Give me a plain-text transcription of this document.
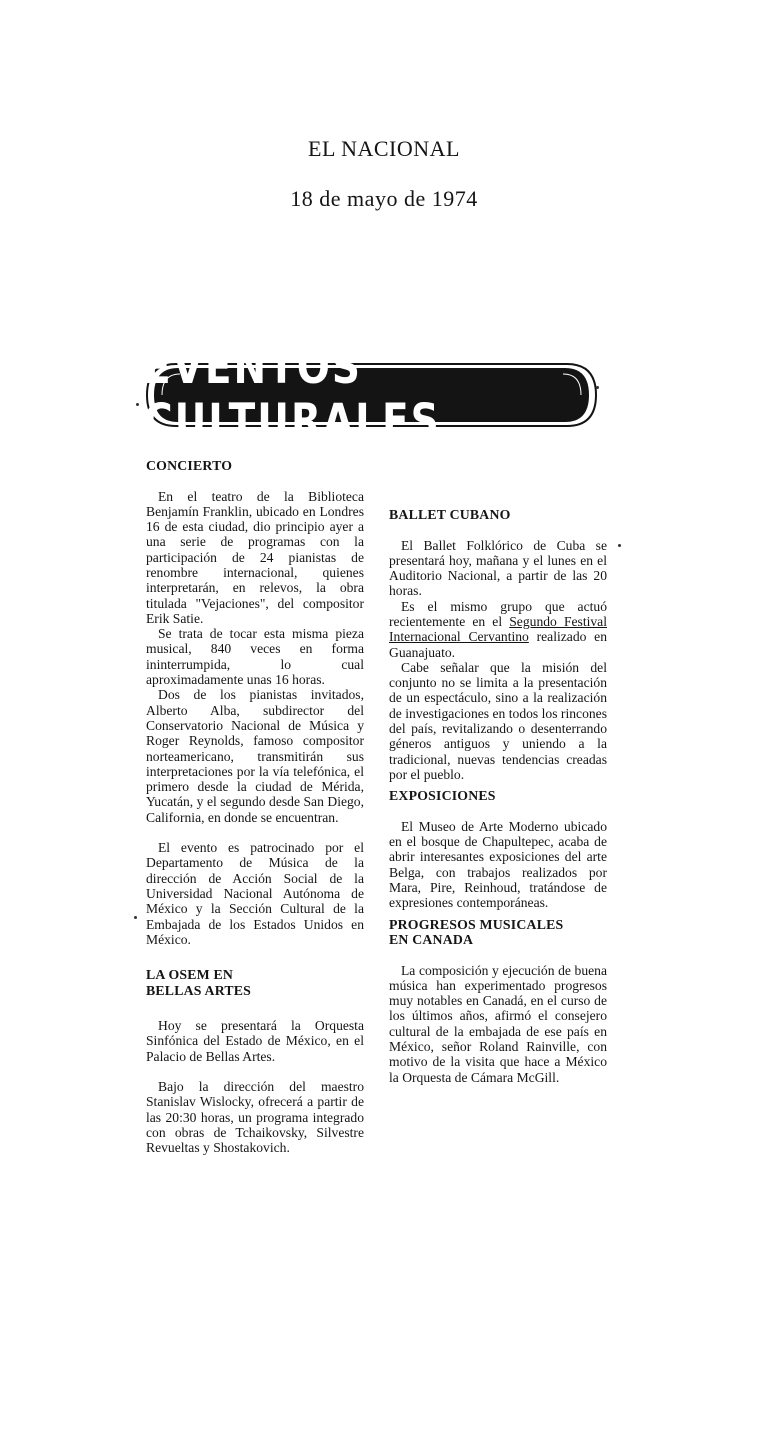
EL NACIONAL
18 de mayo de 1974
EVENTOS CULTURALES
CONCIERTO

En el teatro de la Biblioteca Benjamín Franklin, ubicado en Londres 16 de esta ciudad, dio principio ayer a una serie de programas con la participación de 24 pianistas de renombre internacional, quienes interpretarán, en relevos, la obra titulada "Vejaciones", del compositor Erik Satie.

Se trata de tocar esta misma pieza musical, 840 veces en forma ininterrumpida, lo cual aproximadamente unas 16 horas.

Dos de los pianistas invitados, Alberto Alba, subdirector del Conservatorio Nacional de Música y Roger Reynolds, famoso compositor norteamericano, transmitirán sus interpretaciones por la vía telefónica, el primero desde la ciudad de Mérida, Yucatán, y el segundo desde San Diego, California, en donde se encuentran.

El evento es patrocinado por el Departamento de Música de la dirección de Acción Social de la Universidad Nacional Autónoma de México y la Sección Cultural de la Embajada de los Estados Unidos en México.

LA OSEM EN
BELLAS ARTES

Hoy se presentará la Orquesta Sinfónica del Estado de México, en el Palacio de Bellas Artes.

Bajo la dirección del maestro Stanislav Wislocky, ofrecerá a partir de las 20:30 horas, un programa integrado con obras de Tchaikovsky, Silvestre Revueltas y Shostakovich.

BALLET CUBANO

El Ballet Folklórico de Cuba se presentará hoy, mañana y el lunes en el Auditorio Nacional, a partir de las 20 horas.

Es el mismo grupo que actuó recientemente en el Segundo Festival Internacional Cervantino realizado en Guanajuato.

Cabe señalar que la misión del conjunto no se limita a la presentación de un espectáculo, sino a la realización de investigaciones en todos los rincones del país, revitalizando o desenterrando géneros antiguos y uniendo a la tradicional, nuevas tendencias creadas por el pueblo.

EXPOSICIONES

El Museo de Arte Moderno ubicado en el bosque de Chapultepec, acaba de abrir interesantes exposiciones del arte Belga, con trabajos realizados por Mara, Pire, Reinhoud, tratándose de expresiones contemporáneas.

PROGRESOS MUSICALES
EN CANADA

La composición y ejecución de buena música han experimentado progresos muy notables en Canadá, en el curso de los últimos años, afirmó el consejero cultural de la embajada de ese país en México, señor Roland Rainville, con motivo de la visita que hace a México la Orquesta de Cámara McGill.
